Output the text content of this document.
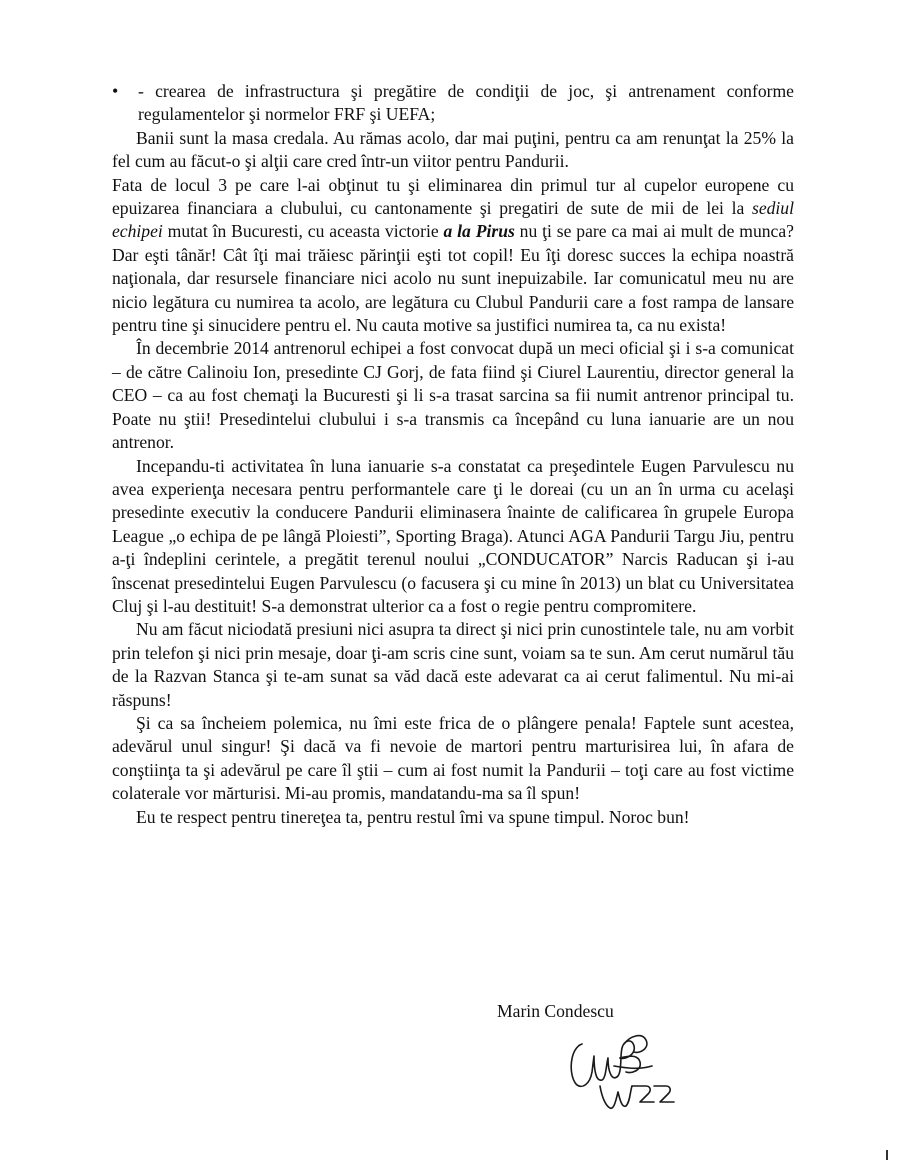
• - crearea de infrastructura şi pregătire de condiţii de joc, şi antrenament conforme regulamentelor şi normelor FRF şi UEFA;

Banii sunt la masa credala. Au rămas acolo, dar mai puţini, pentru ca am renunţat la 25% la fel cum au făcut-o şi alţii care cred într-un viitor pentru Pandurii.

Fata de locul 3 pe care l-ai obţinut tu şi eliminarea din primul tur al cupelor europene cu epuizarea financiara a clubului, cu cantonamente şi pregatiri de sute de mii de lei la sediul echipei mutat în Bucuresti, cu aceasta victorie a la Pirus nu ţi se pare ca mai ai mult de munca? Dar eşti tânăr! Cât îţi mai trăiesc părinţii eşti tot copil! Eu îţi doresc succes la echipa noastră naţionala, dar resursele financiare nici acolo nu sunt inepuizabile. Iar comunicatul meu nu are nicio legătura cu numirea ta acolo, are legătura cu Clubul Pandurii care a fost rampa de lansare pentru tine şi sinucidere pentru el. Nu cauta motive sa justifici numirea ta, ca nu exista!

În decembrie 2014 antrenorul echipei a fost convocat după un meci oficial şi i s-a comunicat – de către Calinoiu Ion, presedinte CJ Gorj, de fata fiind şi Ciurel Laurentiu, director general la CEO – ca au fost chemaţi la Bucuresti şi li s-a trasat sarcina sa fii numit antrenor principal tu. Poate nu ştii! Presedintelui clubului i s-a transmis ca începând cu luna ianuarie are un nou antrenor.

Incepandu-ti activitatea în luna ianuarie s-a constatat ca preşedintele Eugen Parvulescu nu avea experienţa necesara pentru performantele care ţi le doreai (cu un an în urma cu acelaşi presedinte executiv la conducere Pandurii eliminasera înainte de calificarea în grupele Europa League „o echipa de pe lângă Ploiesti”, Sporting Braga). Atunci AGA Pandurii Targu Jiu, pentru a-ţi îndeplini cerintele, a pregătit terenul noului „CONDUCATOR” Narcis Raducan şi i-au înscenat presedintelui Eugen Parvulescu (o facusera şi cu mine în 2013) un blat cu Universitatea Cluj şi l-au destituit! S-a demonstrat ulterior ca a fost o regie pentru compromitere.

Nu am făcut niciodată presiuni nici asupra ta direct şi nici prin cunostintele tale, nu am vorbit prin telefon şi nici prin mesaje, doar ţi-am scris cine sunt, voiam sa te sun. Am cerut numărul tău de la Razvan Stanca şi te-am sunat sa văd dacă este adevarat ca ai cerut falimentul. Nu mi-ai răspuns!

Şi ca sa încheiem polemica, nu îmi este frica de o plângere penala! Faptele sunt acestea, adevărul unul singur! Şi dacă va fi nevoie de martori pentru marturisirea lui, în afara de conştiinţa ta şi adevărul pe care îl ştii – cum ai fost numit la Pandurii – toţi care au fost victime colaterale vor mărturisi. Mi-au promis, mandatandu-ma sa îl spun!

Eu te respect pentru tinereţea ta, pentru restul îmi va spune timpul. Noroc bun!

Marin Condescu
